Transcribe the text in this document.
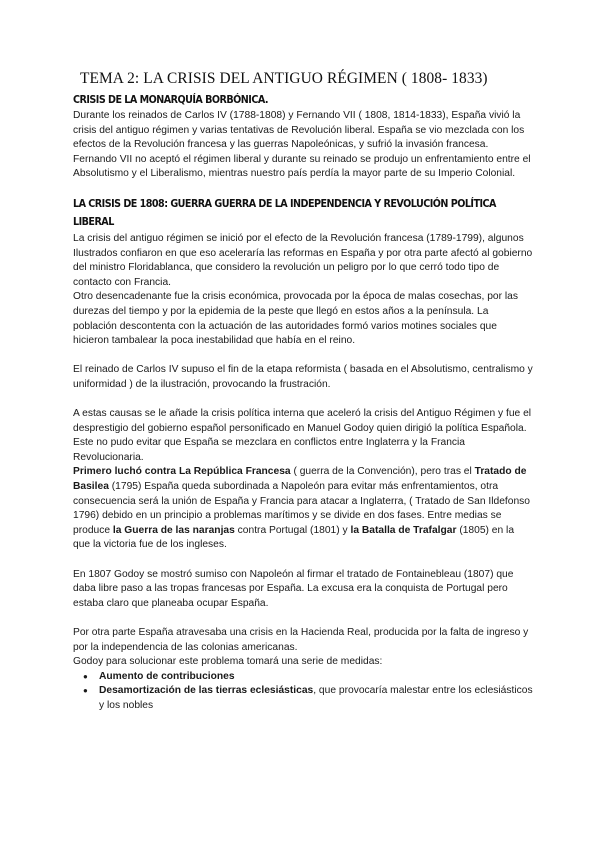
TEMA 2: LA CRISIS DEL ANTIGUO RÉGIMEN ( 1808- 1833)
CRISIS DE LA MONARQUÍA BORBÓNICA.

Durante los reinados de Carlos IV (1788-1808) y Fernando VII ( 1808, 1814-1833), España vivió la crisis del antiguo régimen y varias tentativas de Revolución liberal. España se vio mezclada con los efectos de la Revolución francesa y las guerras Napoleónicas, y sufrió la invasión francesa.

Fernando VII no aceptó el régimen liberal y durante su reinado se produjo un enfrentamiento entre el Absolutismo y el Liberalismo, mientras nuestro país perdía la mayor parte de su Imperio Colonial.

LA CRISIS DE 1808: GUERRA GUERRA DE LA INDEPENDENCIA Y REVOLUCIÓN POLÍTICA
LIBERAL

La crisis del antiguo régimen se inició por el efecto de la Revolución francesa (1789-1799), algunos Ilustrados confiaron en que eso aceleraría las reformas en España y por otra parte afectó al gobierno del ministro Floridablanca, que considero la revolución un peligro por lo que cerró todo tipo de contacto con Francia.

Otro desencadenante fue la crisis económica, provocada por la época de malas cosechas, por las durezas del tiempo y por la epidemia de la peste que llegó en estos años a la península. La población descontenta con la actuación de las autoridades formó varios motines sociales que hicieron tambalear la poca inestabilidad que había en el reino.

El reinado de Carlos IV supuso el fin de la etapa reformista ( basada en el Absolutismo, centralismo y uniformidad ) de la ilustración, provocando la frustración.

A estas causas se le añade la crisis política interna que aceleró la crisis del Antiguo Régimen y fue el desprestigio del gobierno español personificado en Manuel Godoy quien dirigió la política Española. Este no pudo evitar que España se mezclara en conflictos entre Inglaterra y la Francia Revolucionaria.

Primero luchó contra La República Francesa ( guerra de la Convención), pero tras el Tratado de Basilea (1795) España queda subordinada a Napoleón para evitar más enfrentamientos, otra consecuencia será la unión de España y Francia para atacar a Inglaterra, ( Tratado de San Ildefonso 1796) debido en un principio a problemas marítimos y se divide en dos fases. Entre medias se produce la Guerra de las naranjas contra Portugal (1801) y la Batalla de Trafalgar (1805) en la que la victoria fue de los ingleses.

En 1807 Godoy se mostró sumiso con Napoleón al firmar el tratado de Fontainebleau (1807) que daba libre paso a las tropas francesas por España. La excusa era la conquista de Portugal pero estaba claro que planeaba ocupar España.

Por otra parte España atravesaba una crisis en la Hacienda Real, producida por la falta de ingreso y por la independencia de las colonias americanas.

Godoy para solucionar este problema tomará una serie de medidas:

● Aumento de contribuciones
● Desamortización de las tierras eclesiásticas, que provocaría malestar entre los eclesiásticos y los nobles
